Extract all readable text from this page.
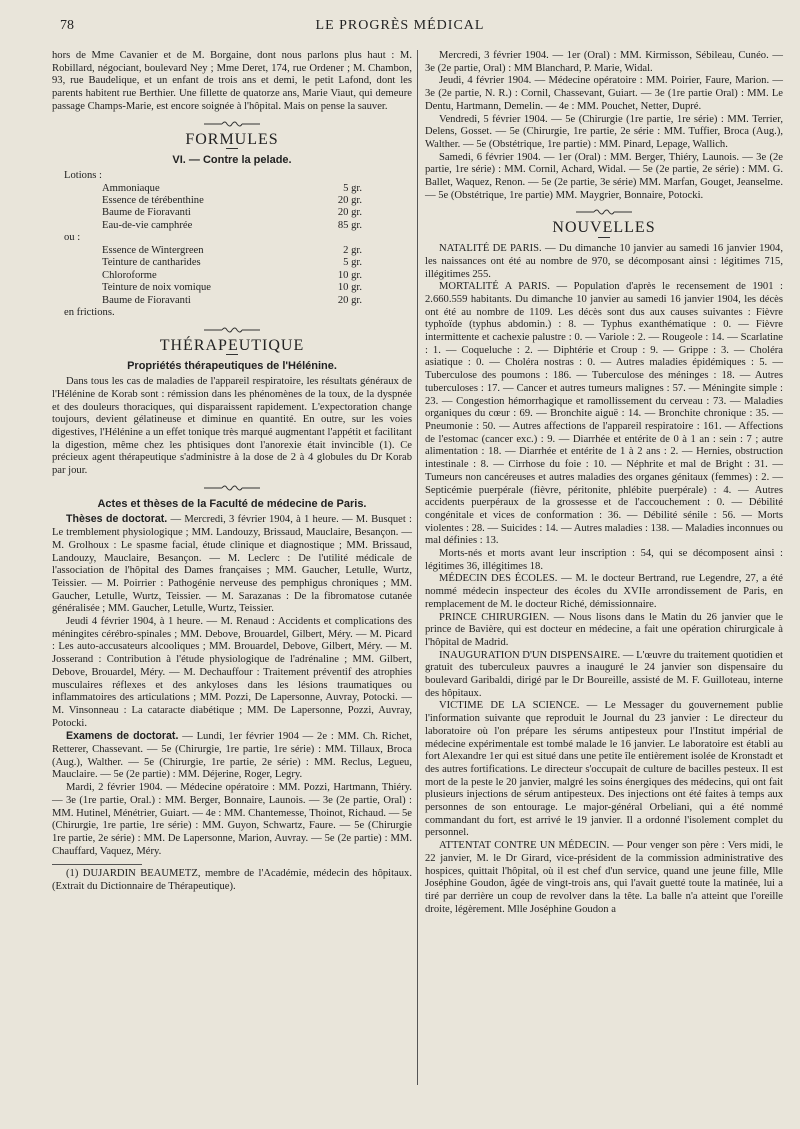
78	LE PROGRÈS MÉDICAL

hors de Mme Cavanier et de M. Borgaine, dont nous parlons plus haut : M. Robillard, négociant, boulevard Ney ; Mme Deret, 174, rue Ordener ; M. Chambon, 93, rue Baudelique, et un enfant de trois ans et demi, le petit Lafond, dont les parents habitent rue Berthier. Une fillette de quatorze ans, Marie Viaut, qui demeure passage Champs-Marie, est encore soignée à l'hôpital. Mais on pense la sauver.

FORMULES
VI. — Contre la pelade.

Lotions :

Ammoniaque	5 gr.
Essence de térébenthine	20 gr.
Baume de Fioravanti	20 gr.
Eau-de-vie camphrée	85 gr.

ou :

Essence de Wintergreen	2 gr.
Teinture de cantharides	5 gr.
Chloroforme	10 gr.
Teinture de noix vomique	10 gr.
Baume de Fioravanti	20 gr.

en frictions.

THÉRAPEUTIQUE
Propriétés thérapeutiques de l'Hélénine.

Dans tous les cas de maladies de l'appareil respiratoire, les résultats généraux de l'Hélénine de Korab sont : rémission dans les phénomènes de la toux, de la dyspnée et des douleurs thoraciques, qui disparaissent rapidement. L'expectoration change toujours, devient gélatineuse et diminue en quantité. En outre, sur les voies digestives, l'Hélénine a un effet tonique très marqué augmentant l'appétit et facilitant la digestion, même chez les phtisiques dont l'anorexie était invincible (1). Ce précieux agent thérapeutique s'administre à la dose de 2 à 4 globules du Dr Korab par jour.

Actes et thèses de la Faculté de médecine de Paris.

Thèses de doctorat. — Mercredi, 3 février 1904, à 1 heure. — M. Busquet : Le tremblement physiologique ; MM. Landouzy, Brissaud, Mauclaire, Besançon. — M. Grolhoux : Le spasme facial, étude clinique et diagnostique ; MM. Brissaud, Landouzy, Mauclaire, Besançon. — M. Leclerc : De l'utilité médicale de l'association de l'hôpital des Dames françaises ; MM. Gaucher, Letulle, Wurtz, Teissier. — M. Poirrier : Pathogénie nerveuse des pemphigus chroniques ; MM. Gaucher, Letulle, Wurtz, Teissier. — M. Sarazanas : De la fibromatose cutanée généralisée ; MM. Gaucher, Letulle, Wurtz, Teissier.

Jeudi 4 février 1904, à 1 heure. — M. Renaud : Accidents et complications des méningites cérébro-spinales ; MM. Debove, Brouardel, Gilbert, Méry. — M. Picard : Les auto-accusateurs alcooliques ; MM. Brouardel, Debove, Gilbert, Méry. — M. Josserand : Contribution à l'étude physiologique de l'adrénaline ; MM. Gilbert, Debove, Brouardel, Méry. — M. Dechauffour : Traitement préventif des atrophies musculaires réflexes et des ankyloses dans les lésions traumatiques ou inflammatoires des articulations ; MM. Pozzi, De Lapersonne, Auvray, Potocki. — M. Vinsonneau : La cataracte diabétique ; MM. De Lapersonne, Pozzi, Auvray, Potocki.

Examens de doctorat. — Lundi, 1er février 1904 — 2e : MM. Ch. Richet, Retterer, Chassevant. — 5e (Chirurgie, 1re partie, 1re série) : MM. Tillaux, Broca (Aug.), Walther. — 5e (Chirurgie, 1re partie, 2e série) : MM. Reclus, Legueu, Mauclaire. — 5e (2e partie) : MM. Déjerine, Roger, Legry.

Mardi, 2 février 1904. — Médecine opératoire : MM. Pozzi, Hartmann, Thiéry. — 3e (1re partie, Oral.) : MM. Berger, Bonnaire, Launois. — 3e (2e partie, Oral) : MM. Hutinel, Ménétrier, Guiart. — 4e : MM. Chantemesse, Thoinot, Richaud. — 5e (Chirurgie, 1re partie, 1re série) : MM. Guyon, Schwartz, Faure. — 5e (Chirurgie 1re partie, 2e série) : MM. De Lapersonne, Marion, Auvray. — 5e (2e partie) : MM. Chauffard, Vaquez, Méry.

(1) DUJARDIN BEAUMETZ, membre de l'Académie, médecin des hôpitaux. (Extrait du Dictionnaire de Thérapeutique).

Mercredi, 3 février 1904. — 1er (Oral) : MM. Kirmisson, Sébileau, Cunéo. — 3e (2e partie, Oral) : MM Blanchard, P. Marie, Widal.

Jeudi, 4 février 1904. — Médecine opératoire : MM. Poirier, Faure, Marion. — 3e (2e partie, N. R.) : Cornil, Chassevant, Guiart. — 3e (1re partie Oral) : MM. Le Dentu, Hartmann, Demelin. — 4e : MM. Pouchet, Netter, Dupré.

Vendredi, 5 février 1904. — 5e (Chirurgie (1re partie, 1re série) : MM. Terrier, Delens, Gosset. — 5e (Chirurgie, 1re partie, 2e série : MM. Tuffier, Broca (Aug.), Walther. — 5e (Obstétrique, 1re partie) : MM. Pinard, Lepage, Wallich.

Samedi, 6 février 1904. — 1er (Oral) : MM. Berger, Thiéry, Launois. — 3e (2e partie, 1re série) : MM. Cornil, Achard, Widal. — 5e (2e partie, 2e série) : MM. G. Ballet, Waquez, Renon. — 5e (2e partie, 3e série) MM. Marfan, Gouget, Jeanselme. — 5e (Obstétrique, 1re partie) MM. Maygrier, Bonnaire, Potocki.

NOUVELLES

NATALITÉ DE PARIS. — Du dimanche 10 janvier au samedi 16 janvier 1904, les naissances ont été au nombre de 970, se décomposant ainsi : légitimes 715, illégitimes 255.

MORTALITÉ A PARIS. — Population d'après le recensement de 1901 : 2.660.559 habitants. Du dimanche 10 janvier au samedi 16 janvier 1904, les décès ont été au nombre de 1109. Les décès sont dus aux causes suivantes : Fièvre typhoïde (typhus abdomin.) : 8. — Typhus exanthématique : 0. — Fièvre intermittente et cachexie palustre : 0. — Variole : 2. — Rougeole : 14. — Scarlatine : 1. — Coqueluche : 2. — Diphtérie et Croup : 9. — Grippe : 3. — Choléra asiatique : 0. — Choléra nostras : 0. — Autres maladies épidémiques : 5. — Tuberculose des poumons : 186. — Tuberculose des méninges : 18. — Autres tuberculoses : 17. — Cancer et autres tumeurs malignes : 57. — Méningite simple : 23. — Congestion hémorrhagique et ramollissement du cerveau : 73. — Maladies organiques du cœur : 69. — Bronchite aiguë : 14. — Bronchite chronique : 35. — Pneumonie : 50. — Autres affections de l'appareil respiratoire : 161. — Affections de l'estomac (cancer exc.) : 9. — Diarrhée et entérite de 0 à 1 an : sein : 7 ; autre alimentation : 18. — Diarrhée et entérite de 1 à 2 ans : 2. — Hernies, obstruction intestinale : 8. — Cirrhose du foie : 10. — Néphrite et mal de Bright : 31. — Tumeurs non cancéreuses et autres maladies des organes génitaux (femmes) : 2. — Septicémie puerpérale (fièvre, péritonite, phlébite puerpérale) : 4. — Autres accidents puerpéraux de la grossesse et de l'accouchement : 0. — Débilité congénitale et vices de conformation : 36. — Débilité sénile : 56. — Morts violentes : 28. — Suicides : 14. — Autres maladies : 138. — Maladies inconnues ou mal définies : 13.

Morts-nés et morts avant leur inscription : 54, qui se décomposent ainsi : légitimes 36, illégitimes 18.

MÉDECIN DES ÉCOLES. — M. le docteur Bertrand, rue Legendre, 27, a été nommé médecin inspecteur des écoles du XVIIe arrondissement de Paris, en remplacement de M. le docteur Riché, démissionnaire.

PRINCE CHIRURGIEN. — Nous lisons dans le Matin du 26 janvier que le prince de Bavière, qui est docteur en médecine, a fait une opération chirurgicale à l'hôpital de Madrid.

INAUGURATION D'UN DISPENSAIRE. — L'œuvre du traitement quotidien et gratuit des tuberculeux pauvres a inauguré le 24 janvier son dispensaire du boulevard Garibaldi, dirigé par le Dr Boureille, assisté de M. F. Guilloteau, interne des hôpitaux.

VICTIME DE LA SCIENCE. — Le Messager du gouvernement publie l'information suivante que reproduit le Journal du 23 janvier : Le directeur du laboratoire où l'on prépare les sérums antipesteux pour l'Institut impérial de médecine expérimentale est tombé malade le 16 janvier. Le laboratoire est établi au fort Alexandre 1er qui est situé dans une petite île entièrement isolée de Kronstadt et des autres fortifications. Le directeur s'occupait de culture de bacilles pesteux. Il est mort de la peste le 20 janvier, malgré les soins énergiques des médecins, qui ont fait plusieurs injections de sérum antipesteux. Des injections ont été faites à temps aux personnes de son entourage. Le major-général Orbeliani, qui a été nommé commandant du fort, est arrivé le 19 janvier. Il a ordonné l'isolement complet du personnel.

ATTENTAT CONTRE UN MÉDECIN. — Pour venger son père : Vers midi, le 22 janvier, M. le Dr Girard, vice-président de la commission administrative des hospices, quittait l'hôpital, où il est chef d'un service, quand une jeune fille, Mlle Joséphine Goudon, âgée de vingt-trois ans, qui l'avait guetté toute la matinée, lui a tiré par derrière un coup de revolver dans la tête. La balle n'a atteint que l'oreille droite, légèrement. Mlle Joséphine Goudon a
